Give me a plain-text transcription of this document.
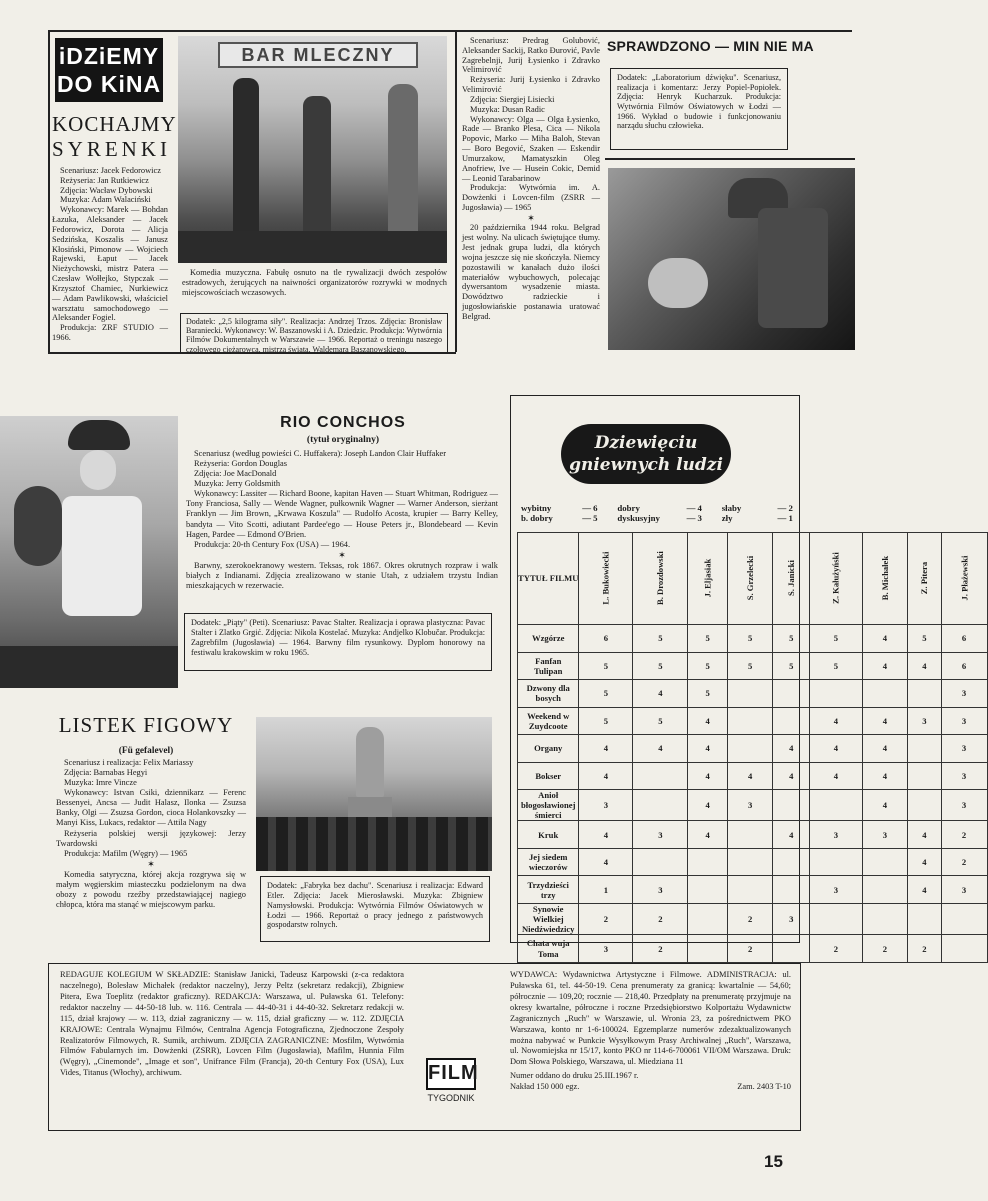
iDZiEMY
DO KiNA
KOCHAJMY
SYRENKI

Scenariusz: Jacek Fedorowicz

Reżyseria: Jan Rutkiewicz

Zdjęcia: Wacław Dybowski

Muzyka: Adam Walaciński

Wykonawcy: Marek — Bohdan Łazuka, Aleksander — Jacek Fedorowicz, Dorota — Alicja Sedzińska, Koszalis — Janusz Kłosiński, Pimonow — Wojciech Rajewski, Łaput — Jacek Nieżychowski, mistrz Patera — Czesław Wołłejko, Stypczak — Krzysztof Chamiec, Nurkiewicz — Adam Pawlikowski, właściciel warsztatu samochodowego — Aleksander Fogiel.

Produkcja: ZRF STUDIO — 1966.

BAR MLECZNY
Komedia muzyczna. Fabułę osnuto na tle rywalizacji dwóch zespołów estradowych, żerujących na naiwności organizatorów rozrywki w modnych miejscowościach wczasowych.
Dodatek: „2,5 kilograma siły". Realizacja: Andrzej Trzos. Zdjęcia: Bronisław Baraniecki. Wykonawcy: W. Baszanowski i A. Dziedzic. Produkcja: Wytwórnia Filmów Dokumentalnych w Warszawie — 1966. Reportaż o treningu naszego czołowego ciężarowca, mistrza świata, Waldemara Baszanowskiego.

Scenariusz: Predrag Golubović, Aleksander Sackij, Ratko Đurović, Pavle Zagrebelnji, Jurij Łysienko i Zdravko Velimirović

Reżyseria: Jurij Łysienko i Zdravko Velimirović

Zdjęcia: Siergiej Lisiecki

Muzyka: Dusan Radic

Wykonawcy: Olga — Olga Łysienko, Rade — Branko Plesa, Cica — Nikola Popovic, Marko — Miha Baloh, Stevan — Boro Begović, Szaken — Eskendir Umurzakow, Mamatyszkin Oleg Anofriew, Ive — Husein Cokic, Demid — Leonid Tarabarinow

Produkcja: Wytwórnia im. A. Dowżenki i Lovcen-film (ZSRR — Jugosławia) — 1965

✶

20 października 1944 roku. Belgrad jest wolny. Na ulicach świętujące tłumy. Jest jednak grupa ludzi, dla których wojna jeszcze się nie skończyła. Niemcy pozostawili w kanałach dużo ilości materiałów wybuchowych, polecając dywersantom wysadzenie miasta. Dowództwo radzieckie i jugosłowiańskie postanawia uratować Belgrad.

SPRAWDZONO — MIN NIE MA
Dodatek: „Laboratorium dźwięku". Scenariusz, realizacja i komentarz: Jerzy Popiel-Popiołek. Zdjęcia: Henryk Kucharzuk. Produkcja: Wytwórnia Filmów Oświatowych w Łodzi — 1966. Wykład o budowie i funkcjonowaniu narządu słuchu człowieka.
RIO CONCHOS
(tytuł oryginalny)

Scenariusz (według powieści C. Huffakera): Joseph Landon Clair Huffaker

Reżyseria: Gordon Douglas

Zdjęcia: Joe MacDonald

Muzyka: Jerry Goldsmith

Wykonawcy: Lassiter — Richard Boone, kapitan Haven — Stuart Whitman, Rodriguez — Tony Franciosa, Sally — Wende Wagner, pułkownik Wagner — Warner Anderson, sierżant Franklyn — Jim Brown, „Krwawa Koszula" — Rudolfo Acosta, krupier — Barry Kelley, bandyta — Vito Scotti, adiutant Pardee'ego — House Peters jr., Blondebeard — Kevin Hagen, Pardee — Edmond O'Brien.

Produkcja: 20-th Century Fox (USA) — 1964.

✶

Barwny, szerokoekranowy western. Teksas, rok 1867. Okres okrutnych rozpraw i walk białych z Indianami. Zdjęcia zrealizowano w stanie Utah, z udziałem trzystu Indian mieszkających w rezerwacie.

Dodatek: „Piąty" (Peti). Scenariusz: Pavac Stalter. Realizacja i oprawa plastyczna: Pavac Stalter i Zlatko Grgić. Zdjęcia: Nikola Kostelać. Muzyka: Andjelko Klobučar. Produkcja: Zagrebfilm (Jugosławia) — 1964. Barwny film rysunkowy. Dyplom honorowy na festiwalu krakowskim w roku 1965.
LISTEK FIGOWY
(Fü gefalevel)

Scenariusz i realizacja: Felix Mariassy

Zdjęcia: Barnabas Hegyi

Muzyka: Imre Vincze

Wykonawcy: Istvan Csiki, dziennikarz — Ferenc Bessenyei, Ancsa — Judit Halasz, Ilonka — Zsuzsa Banky, Olgi — Zsuzsa Gordon, cioca Holankovszky — Manyi Kiss, Lukacs, redaktor — Attila Nagy

Reżyseria polskiej wersji językowej: Jerzy Twardowski

Produkcja: Mafilm (Węgry) — 1965

✶

Komedia satyryczna, której akcja rozgrywa się w małym węgierskim miasteczku podzielonym na dwa obozy z powodu rzeźby przedstawiającej nagiego chłopca, która ma stanąć w miejscowym parku.

Dodatek: „Fabryka bez dachu". Scenariusz i realizacja: Edward Etler. Zdjęcia: Jacek Mierosławski. Muzyka: Zbigniew Namysłowski. Produkcja: Wytwórnia Filmów Oświatowych w Łodzi — 1966. Reportaż o pracy jednego z państwowych gospodarstw rolnych.
Dziewięciu
gniewnych ludzi
wybitny	— 6	dobry	— 4	słaby	— 2
b. dobry	— 5	dyskusyjny	— 3	zły	— 1
TYTUŁ FILMU	L. Bukowiecki	B. Drozdowski	J. Eljasiak	S. Grzelecki	S. Janicki	Z. Kałużyński	B. Michałek	Z. Pitera	J. Płażewski
Wzgórze	6	5	5	5	5	5	4	5	6
Fanfan Tulipan	5	5	5	5	5	5	4	4	6
Dzwony dla bosych	5	4	5						3
Weekend w Zuydcoote	5	5	4			4	4	3	3
Organy	4	4	4		4	4	4		3
Bokser	4		4	4	4	4	4		3
Anioł błogosławionej śmierci	3		4	3			4		3
Kruk	4	3	4		4	3	3	4	2
Jej siedem wieczorów	4							4	2
Trzydzieści trzy	1	3				3		4	3
Synowie Wielkiej Niedźwiedzicy	2	2		2	3				
Chata wuja Toma	3	2		2		2	2	2	
REDAGUJE KOLEGIUM W SKŁADZIE: Stanisław Janicki, Tadeusz Karpowski (z-ca redaktora naczelnego), Bolesław Michałek (redaktor naczelny), Jerzy Peltz (sekretarz redakcji), Zbigniew Pitera, Ewa Toeplitz (redaktor graficzny). REDAKCJA: Warszawa, ul. Puławska 61. Telefony: redaktor naczelny — 44-50-18 lub. w. 116. Centrala — 44-40-31 i 44-40-32. Sekretarz redakcji w. 115, dział krajowy — w. 113, dział zagraniczny — w. 115, dział graficzny — w. 112. ZDJĘCIA KRAJOWE: Centrala Wynajmu Filmów, Centralna Agencja Fotograficzna, Zjednoczone Zespoły Realizatorów Filmowych, R. Sumik, archiwum. ZDJĘCIA ZAGRANICZNE: Mosfilm, Wytwórnia Filmów Fabularnych im. Dowżenki (ZSRR), Lovcen Film (Jugosławia), Mafilm, Hunnia Film (Węgry), „Cinemonde", „Image et son", Unifrance Film (Francja), 20-th Century Fox (USA), Lux Vides, Titanus (Włochy), archiwum.	FILM
TYGODNIK
WYDAWCA: Wydawnictwa Artystyczne i Filmowe. ADMINISTRACJA: ul. Puławska 61, tel. 44-50-19. Cena prenumeraty za granicą: kwartalnie — 54,60; półrocznie — 109,20; rocznie — 218,40. Przedpłaty na prenumeratę przyjmuje na okresy kwartalne, półroczne i roczne Przedsiębiorstwo Kolportażu Wydawnictw Zagranicznych „Ruch" w Warszawie, ul. Wronia 23, za pośrednictwem PKO Warszawa, konto nr 1-6-100024. Egzemplarze numerów zdezaktualizowanych można nabywać w Punkcie Wysyłkowym Prasy Archiwalnej „Ruch", Warszawa, ul. Nowomiejska nr 15/17, konto PKO nr 114-6-700061 VII/OM Warszawa. Druk: Dom Słowa Polskiego, Warszawa, ul. Miedziana 11
Numer oddano do druku 25.III.1967 r.
Nakład 150 000 egz.	Zam. 2403 T-10
15
